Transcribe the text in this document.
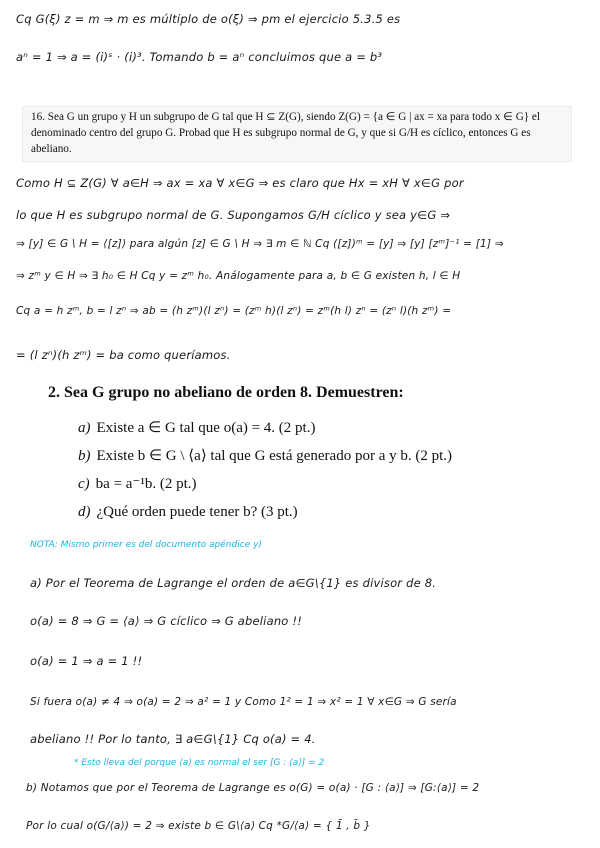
Cq G(ξ) z = m ⇒ m es múltiplo de o(ξ) ⇒ pm el ejercicio 5.3.5 es
aⁿ = 1 ⇒ a = (i)ˢ · (i)³. Tomando b = aⁿ concluimos que a = b³

16. Sea G un grupo y H un subgrupo de G tal que H ⊆ Z(G), siendo Z(G) = {a ∈ G | ax = xa para todo x ∈ G} el denominado centro del grupo G. Probad que H es subgrupo normal de G, y que si G/H es cíclico, entonces G es abeliano.

Como H ⊆ Z(G) ∀ a∈H ⇒ ax = xa ∀ x∈G ⇒ es claro que Hx = xH ∀ x∈G por
lo que H es subgrupo normal de G. Supongamos G/H cíclico y sea y∈G ⇒
⇒ [y] ∈ G \ H = ⟨[z]⟩ para algún [z] ∈ G \ H ⇒ ∃ m ∈ ℕ Cq ([z])ᵐ = [y] ⇒ [y] [zᵐ]⁻¹ = [1] ⇒
⇒ zᵐ y ∈ H ⇒ ∃ h₀ ∈ H Cq y = zᵐ h₀. Análogamente para a, b ∈ G existen h, l ∈ H
Cq a = h zᵐ, b = l zⁿ ⇒ ab = (h zᵐ)(l zⁿ) = (zᵐ h)(l zⁿ) = zᵐ(h l) zⁿ = (zⁿ l)(h zᵐ) =
= (l zⁿ)(h zᵐ) = ba como queríamos.
2. Sea G grupo no abeliano de orden 8. Demuestren:
a) Existe a ∈ G tal que o(a) = 4. (2 pt.)
b) Existe b ∈ G \ ⟨a⟩ tal que G está generado por a y b. (2 pt.)
c) ba = a⁻¹b. (2 pt.)
d) ¿Qué orden puede tener b? (3 pt.)
NOTA: Mismo primer es del documento apéndice y)
a) Por el Teorema de Lagrange el orden de a∈G\{1} es divisor de 8.
o(a) = 8 ⇒ G = ⟨a⟩ ⇒ G cíclico ⇒ G abeliano !!
o(a) = 1 ⇒ a = 1 !!
Si fuera o(a) ≠ 4 ⇒ o(a) = 2 ⇒ a² = 1 y Como 1² = 1 ⇒ x² = 1 ∀ x∈G ⇒ G sería
abeliano !! Por lo tanto, ∃ a∈G\{1} Cq o(a) = 4.
* Esto lleva del porque ⟨a⟩ es normal el ser [G : ⟨a⟩] = 2
b) Notamos que por el Teorema de Lagrange es o(G) = o(a) · [G : ⟨a⟩] ⇒ [G:⟨a⟩] = 2
Por lo cual o(G/⟨a⟩) = 2 ⇒ existe b ∈ G\⟨a⟩ Cq *G/⟨a⟩ = { 1̄ , b̄ }
